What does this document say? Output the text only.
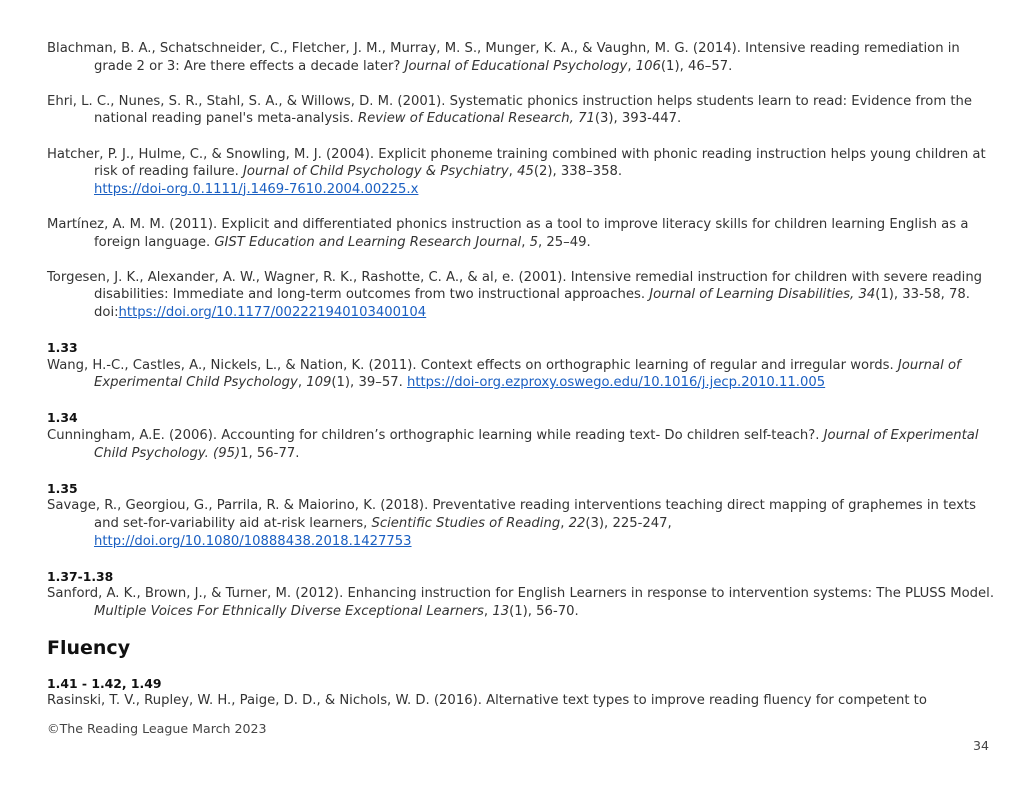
Blachman, B. A., Schatschneider, C., Fletcher, J. M., Murray, M. S., Munger, K. A., & Vaughn, M. G. (2014). Intensive reading remediation in grade 2 or 3: Are there effects a decade later? Journal of Educational Psychology, 106(1), 46–57.

Ehri, L. C., Nunes, S. R., Stahl, S. A., & Willows, D. M. (2001). Systematic phonics instruction helps students learn to read: Evidence from the national reading panel's meta-analysis. Review of Educational Research, 71(3), 393-447.

Hatcher, P. J., Hulme, C., & Snowling, M. J. (2004). Explicit phoneme training combined with phonic reading instruction helps young children at risk of reading failure. Journal of Child Psychology & Psychiatry, 45(2), 338–358.
https://doi-org.0.1111/j.1469-7610.2004.00225.x

Martínez, A. M. M. (2011). Explicit and differentiated phonics instruction as a tool to improve literacy skills for children learning English as a foreign language. GIST Education and Learning Research Journal, 5, 25–49.

Torgesen, J. K., Alexander, A. W., Wagner, R. K., Rashotte, C. A., & al, e. (2001). Intensive remedial instruction for children with severe reading disabilities: Immediate and long-term outcomes from two instructional approaches. Journal of Learning Disabilities, 34(1), 33-58, 78. doi:https://doi.org/10.1177/002221940103400104

1.33

Wang, H.-C., Castles, A., Nickels, L., & Nation, K. (2011). Context effects on orthographic learning of regular and irregular words. Journal of Experimental Child Psychology, 109(1), 39–57. https://doi-org.ezproxy.oswego.edu/10.1016/j.jecp.2010.11.005

1.34

Cunningham, A.E. (2006). Accounting for children’s orthographic learning while reading text- Do children self-teach?. Journal of Experimental Child Psychology. (95)1, 56-77.

1.35

Savage, R., Georgiou, G., Parrila, R. & Maiorino, K. (2018). Preventative reading interventions teaching direct mapping of graphemes in texts and set-for-variability aid at-risk learners, Scientific Studies of Reading, 22(3), 225-247,
http://doi.org/10.1080/10888438.2018.1427753

1.37-1.38

Sanford, A. K., Brown, J., & Turner, M. (2012). Enhancing instruction for English Learners in response to intervention systems: The PLUSS Model. Multiple Voices For Ethnically Diverse Exceptional Learners, 13(1), 56-70.

Fluency

1.41 - 1.42, 1.49

Rasinski, T. V., Rupley, W. H., Paige, D. D., & Nichols, W. D. (2016). Alternative text types to improve reading fluency for competent to

©The Reading League March 2023
34
